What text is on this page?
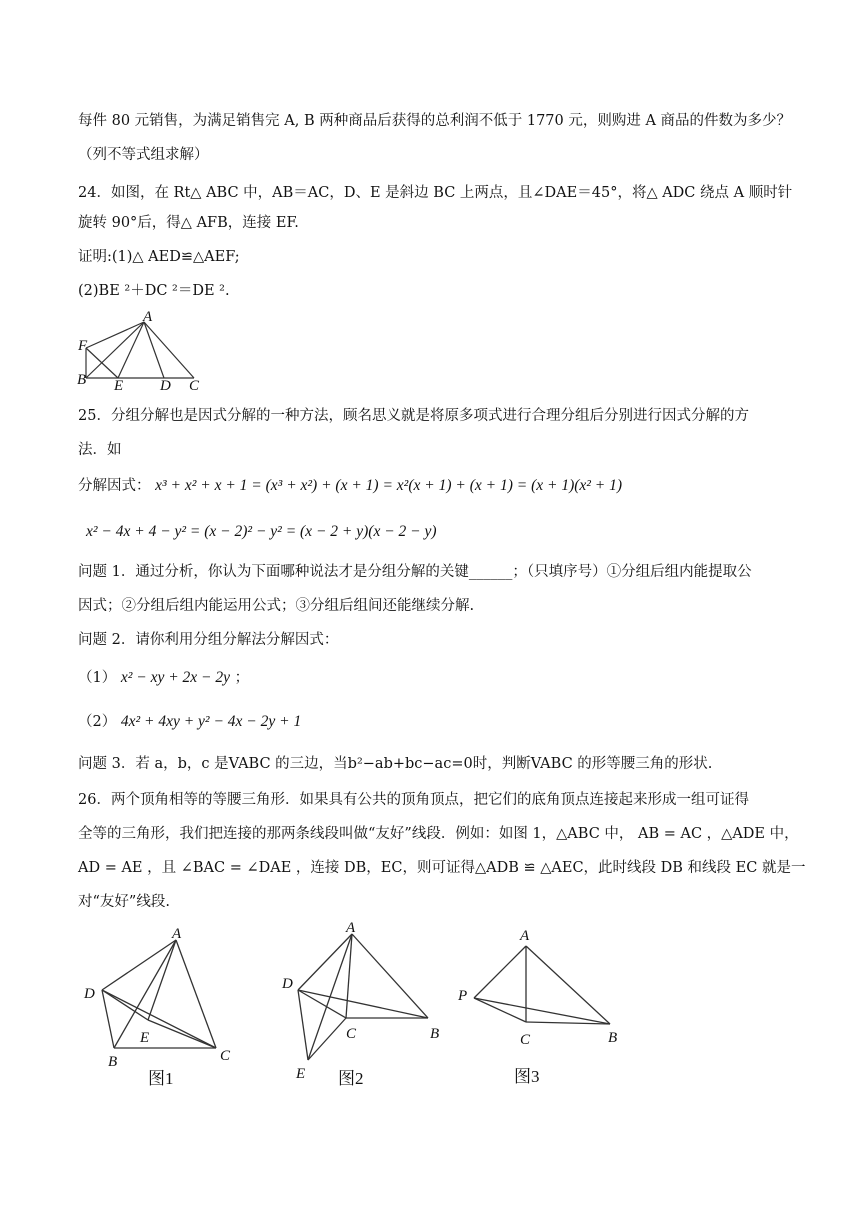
每件 80 元销售，为满足销售完 A, B 两种商品后获得的总利润不低于 1770 元，则购进 A 商品的件数为多少？
（列不等式组求解）
24．如图，在 Rt△ ABC 中，AB＝AC，D、E 是斜边 BC 上两点，且∠DAE＝45°，将△ ADC 绕点 A 顺时针
旋转 90°后，得△ AFB，连接 EF.
证明:(1)△ AED≌△AEF;
(2)BE ²＋DC ²＝DE ².
A
F
B E D C
25．分组分解也是因式分解的一种方法，顾名思义就是将原多项式进行合理分组后分别进行因式分解的方
法．如
分解因式： x³ + x² + x + 1 = (x³ + x²) + (x + 1) = x²(x + 1) + (x + 1) = (x + 1)(x² + 1)
x² − 4x + 4 − y² = (x − 2)² − y² = (x − 2 + y)(x − 2 − y)
问题 1．通过分析，你认为下面哪种说法才是分组分解的关键______；（只填序号）①分组后组内能提取公
因式；②分组后组内能运用公式；③分组后组间还能继续分解.
问题 2．请你利用分组分解法分解因式：
（1） x² − xy + 2x − 2y ；
（2） 4x² + 4xy + y² − 4x − 2y + 1
问题 3．若 a，b，c 是VABC 的三边，当b²−ab+bc−ac=0时，判断VABC 的形等腰三角的形状.
26．两个顶角相等的等腰三角形．如果具有公共的顶角顶点，把它们的底角顶点连接起来形成一组可证得
全等的三角形，我们把连接的那两条线段叫做“友好”线段．例如：如图 1，△ABC 中， AB = AC ，△ADE 中，
AD = AE ，且 ∠BAC = ∠DAE ，连接 DB，EC，则可证得△ADB ≌ △AEC，此时线段 DB 和线段 EC 就是一
对“友好”线段.
A
D
E
B	C
图1
A
D
C	B
E 图2
A
P
C	B
图3
